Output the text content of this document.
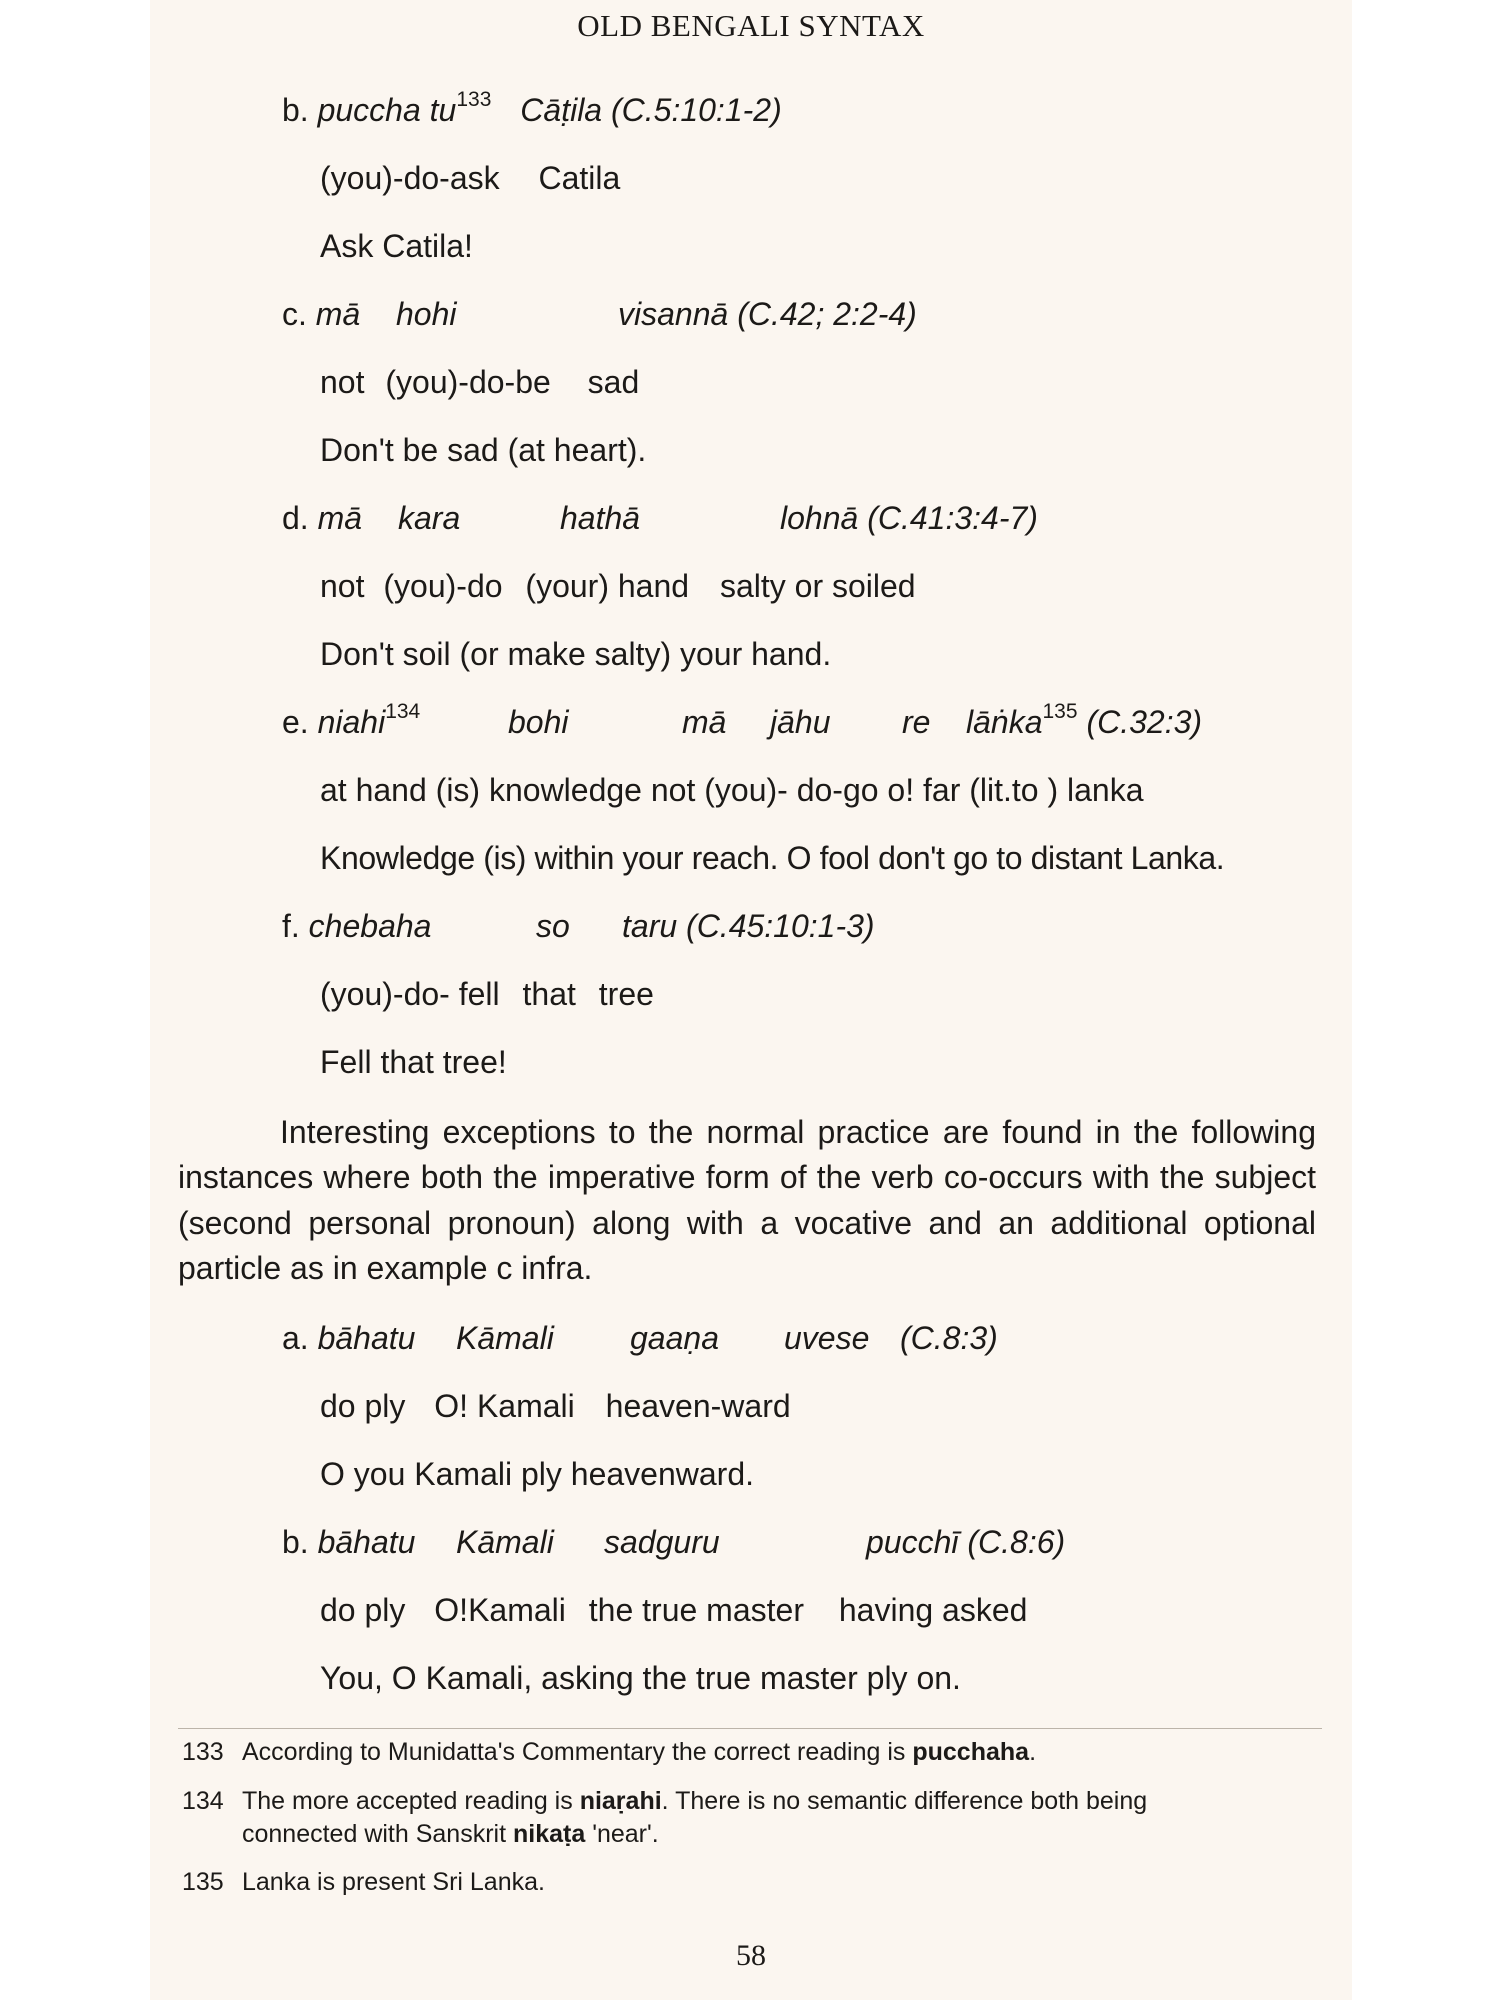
OLD BENGALI SYNTAX
b. puccha $tu^{133}$ Cāṭila (C.5:10:1-2)
(you)-do-ask Catila
Ask Catila!
c. mā hohi	visannā (C.42; 2:2-4)
not (you)-do-be sad
Don't be sad (at heart).
d. mā kara	hathā	lohnā (C.41:3:4-7)
not (you)-do (your) hand salty or soiled
Don't soil (or make salty) your hand.
e. niahi$^{134}$	bohi	mā jāhu re lāṅka$^{135}$ (C.32:3)
at hand (is) knowledge not (you)- do-go o! far (lit.to ) lanka
Knowledge (is) within your reach. O fool don't go to distant Lanka.
f. chebaha	so taru (C.45:10:1-3)
(you)-do- fell that tree
Fell that tree!
Interesting exceptions to the normal practice are found in the following instances where both the imperative form of the verb co-occurs with the subject (second personal pronoun) along with a vocative and an additional optional particle as in example c infra.
a. bāhatu Kāmali gaaṇa uvese (C.8:3)
do ply O! Kamali heaven-ward
O you Kamali ply heavenward.
b. bāhatu Kāmali sadguru	pucchī (C.8:6)
do ply O!Kamali the true master having asked
You, O Kamali, asking the true master ply on.
133 According to Munidatta's Commentary the correct reading is pucchaha.
134 The more accepted reading is niaṛahi. There is no semantic difference both being
connected with Sanskrit nikaṭa 'near'.
135 Lanka is present Sri Lanka.
58
